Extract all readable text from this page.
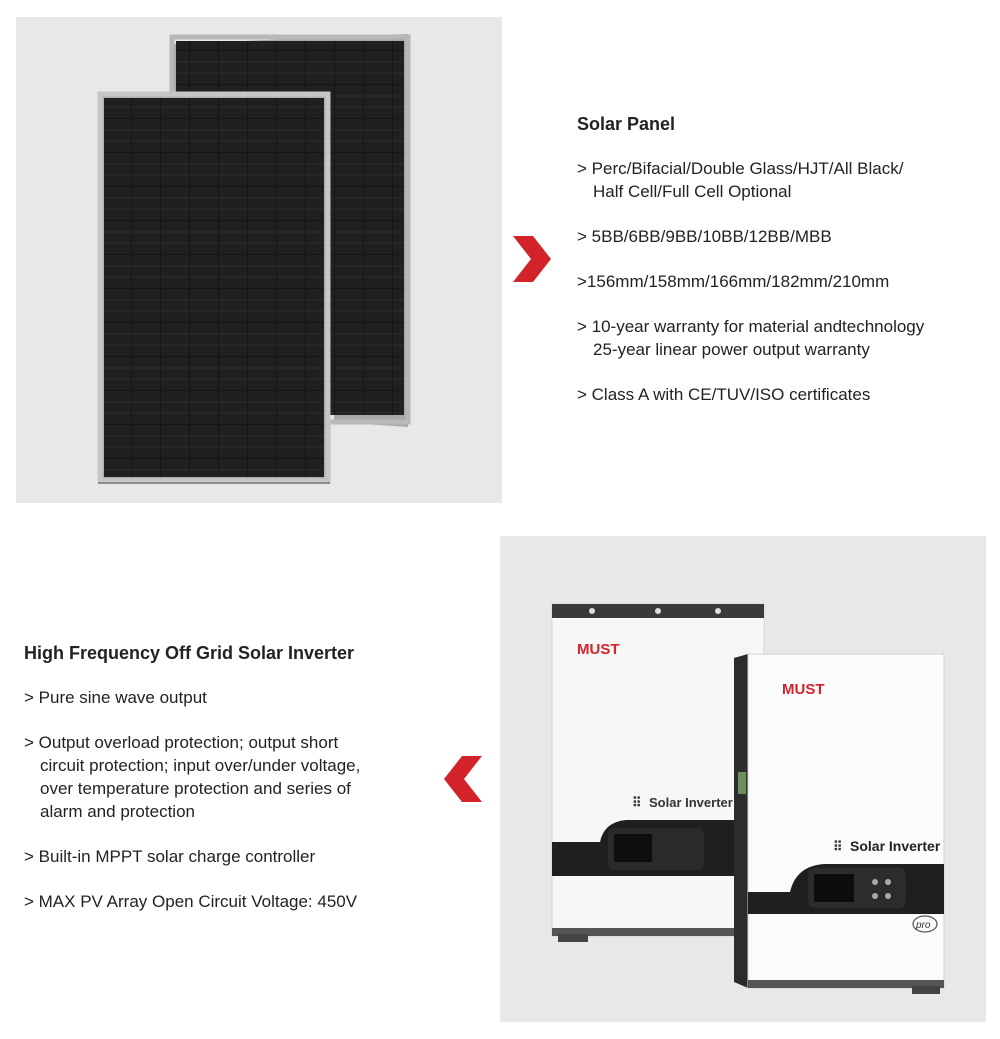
Solar Panel
> Perc/Bifacial/Double Glass/HJT/All Black/
Half Cell/Full Cell Optional
> 5BB/6BB/9BB/10BB/12BB/MBB
>156mm/158mm/166mm/182mm/210mm
> 10-year warranty for material andtechnology
25-year linear power output warranty
> Class A with CE/TUV/ISO certificates
High Frequency Off Grid Solar Inverter
> Pure sine wave output
> Output overload protection; output short
circuit protection; input over/under voltage,
over temperature protection and series of
alarm and protection
> Built-in MPPT solar charge controller
> MAX PV Array Open Circuit Voltage: 450V
MUST
⠿ Solar Inverter
MUST
⠿ Solar Inverter
pro
